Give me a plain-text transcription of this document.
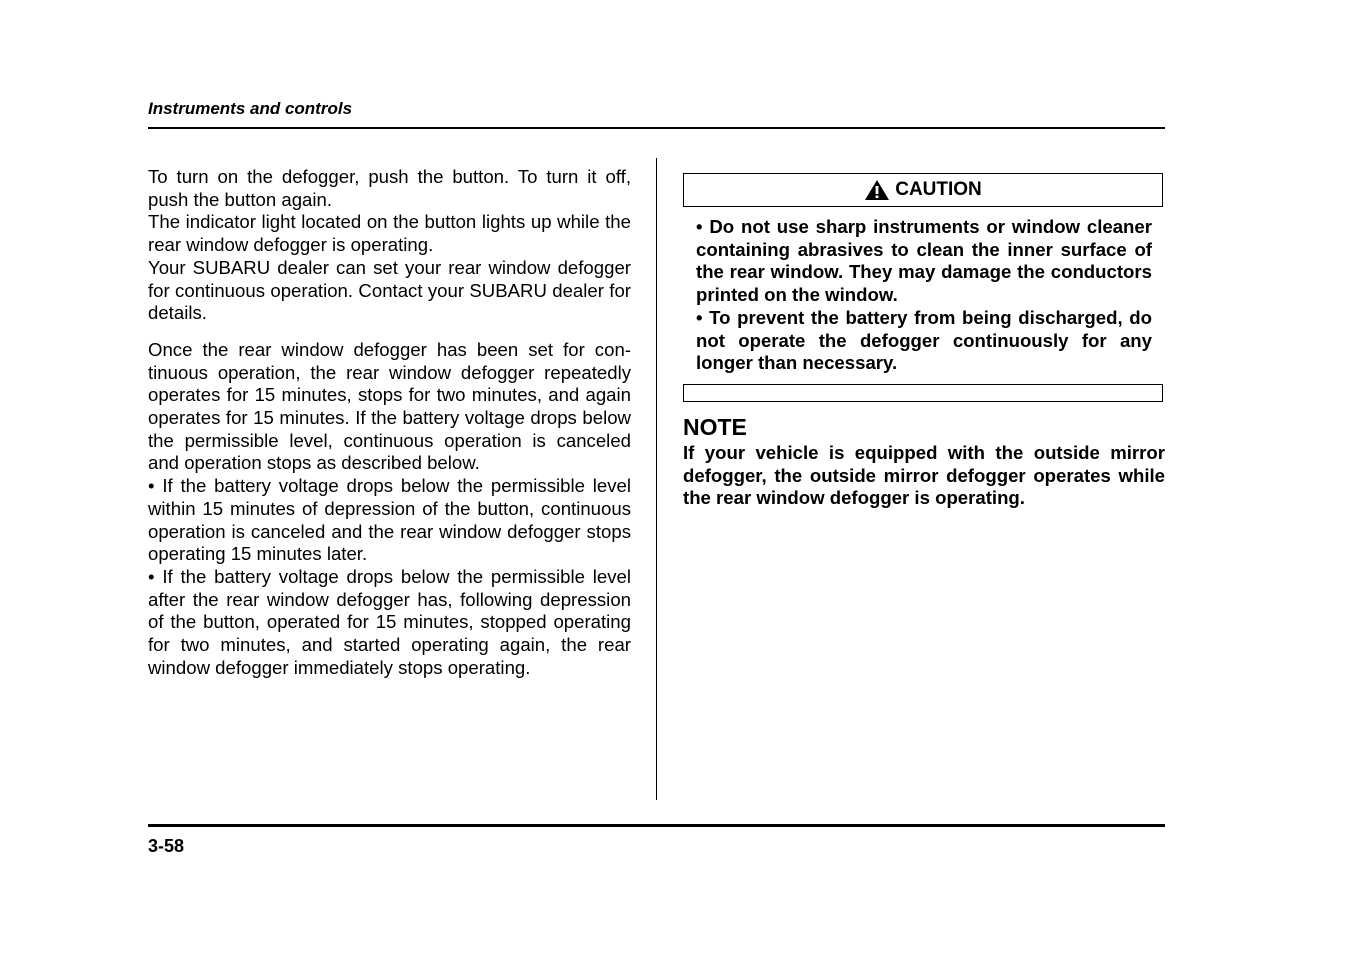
Instruments and controls

To turn on the defogger, push the button. To turn it off, push the button again.

The indicator light located on the button lights up while the rear window defogger is operating.

Your SUBARU dealer can set your rear window defogger for continuous operation. Contact your SUBARU dealer for details.

Once the rear window defogger has been set for continuous operation, the rear window defogger repeatedly operates for 15 minutes, stops for two minutes, and again operates for 15 minutes. If the battery voltage drops below the permissible level, continuous operation is canceled and operation stops as described below.

• If the battery voltage drops below the permissible level within 15 minutes of depression of the button, continuous operation is canceled and the rear window defogger stops operating 15 minutes later.

• If the battery voltage drops below the permissible level after the rear window defogger has, following depression of the button, operated for 15 minutes, stopped operating for two minutes, and started operating again, the rear window defogger immediately stops operating.

CAUTION

• Do not use sharp instruments or window cleaner containing abrasives to clean the inner surface of the rear window. They may damage the conductors printed on the window.

• To prevent the battery from being discharged, do not operate the defogger continuously for any longer than necessary.

NOTE

If your vehicle is equipped with the outside mirror defogger, the outside mirror defogger operates while the rear window defogger is operating.

3-58
